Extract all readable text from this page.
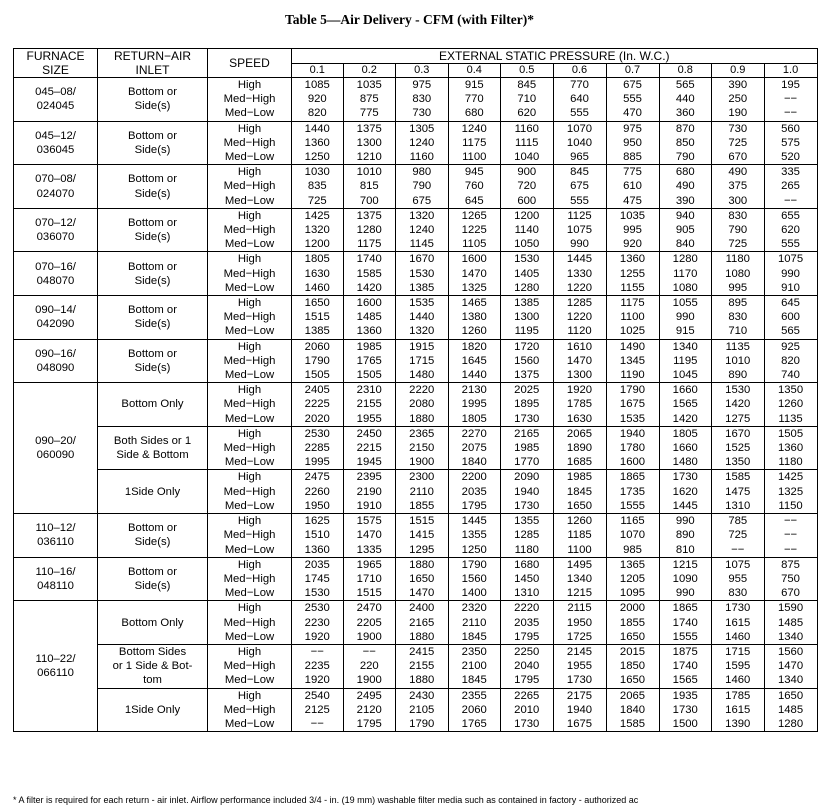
Table 5—Air Delivery - CFM (with Filter)*
FURNACE
SIZE	RETURN−AIR
INLET	SPEED	EXTERNAL STATIC PRESSURE (In. W.C.)									
			0.1	0.2	0.3	0.4	0.5	0.6	0.7	0.8	0.9	1.0

045–08/
024045	Bottom or
Side(s)	High	1085	1035	975	915	845	770	675	565	390	195
		Med−High	920	875	830	770	710	640	555	440	250	−−
		Med−Low	820	775	730	680	620	555	470	360	190	−−

045–12/
036045	Bottom or
Side(s)	High	1440	1375	1305	1240	1160	1070	975	870	730	560
		Med−High	1360	1300	1240	1175	1115	1040	950	850	725	575
		Med−Low	1250	1210	1160	1100	1040	965	885	790	670	520

070–08/
024070	Bottom or
Side(s)	High	1030	1010	980	945	900	845	775	680	490	335
		Med−High	835	815	790	760	720	675	610	490	375	265
		Med−Low	725	700	675	645	600	555	475	390	300	−−

070–12/
036070	Bottom or
Side(s)	High	1425	1375	1320	1265	1200	1125	1035	940	830	655
		Med−High	1320	1280	1240	1225	1140	1075	995	905	790	620
		Med−Low	1200	1175	1145	1105	1050	990	920	840	725	555

070–16/
048070	Bottom or
Side(s)	High	1805	1740	1670	1600	1530	1445	1360	1280	1180	1075
		Med−High	1630	1585	1530	1470	1405	1330	1255	1170	1080	990
		Med−Low	1460	1420	1385	1325	1280	1220	1155	1080	995	910

090–14/
042090	Bottom or
Side(s)	High	1650	1600	1535	1465	1385	1285	1175	1055	895	645
		Med−High	1515	1485	1440	1380	1300	1220	1100	990	830	600
		Med−Low	1385	1360	1320	1260	1195	1120	1025	915	710	565

090–16/
048090	Bottom or
Side(s)	High	2060	1985	1915	1820	1720	1610	1490	1340	1135	925
		Med−High	1790	1765	1715	1645	1560	1470	1345	1195	1010	820
		Med−Low	1505	1505	1480	1440	1375	1300	1190	1045	890	740

090–20/
060090	Bottom Only	High	2405	2310	2220	2130	2025	1920	1790	1660	1530	1350
		Med−High	2225	2155	2080	1995	1895	1785	1675	1565	1420	1260
		Med−Low	2020	1955	1880	1805	1730	1630	1535	1420	1275	1135

	Both Sides or 1
Side & Bottom	High	2530	2450	2365	2270	2165	2065	1940	1805	1670	1505
		Med−High	2285	2215	2150	2075	1985	1890	1780	1660	1525	1360
		Med−Low	1995	1945	1900	1840	1770	1685	1600	1480	1350	1180

	1Side Only	High	2475	2395	2300	2200	2090	1985	1865	1730	1585	1425
		Med−High	2260	2190	2110	2035	1940	1845	1735	1620	1475	1325
		Med−Low	1950	1910	1855	1795	1730	1650	1555	1445	1310	1150

110–12/
036110	Bottom or
Side(s)	High	1625	1575	1515	1445	1355	1260	1165	990	785	−−
		Med−High	1510	1470	1415	1355	1285	1185	1070	890	725	−−
		Med−Low	1360	1335	1295	1250	1180	1100	985	810	−−	−−

110–16/
048110	Bottom or
Side(s)	High	2035	1965	1880	1790	1680	1495	1365	1215	1075	875
		Med−High	1745	1710	1650	1560	1450	1340	1205	1090	955	750
		Med−Low	1530	1515	1470	1400	1310	1215	1095	990	830	670

110–22/
066110	Bottom Only	High	2530	2470	2400	2320	2220	2115	2000	1865	1730	1590
		Med−High	2230	2205	2165	2110	2035	1950	1855	1740	1615	1485
		Med−Low	1920	1900	1880	1845	1795	1725	1650	1555	1460	1340

	Bottom Sides
or 1 Side & Bot-
tom	High	−−	−−	2415	2350	2250	2145	2015	1875	1715	1560
		Med−High	2235	220	2155	2100	2040	1955	1850	1740	1595	1470
		Med−Low	1920	1900	1880	1845	1795	1730	1650	1565	1460	1340

	1Side Only	High	2540	2495	2430	2355	2265	2175	2065	1935	1785	1650
		Med−High	2125	2120	2105	2060	2010	1940	1840	1730	1615	1485
		Med−Low	−−	1795	1790	1765	1730	1675	1585	1500	1390	1280
* A filter is required for each return - air inlet. Airflow performance included 3/4 - in. (19 mm) washable filter media such as contained in factory - authorized ac
